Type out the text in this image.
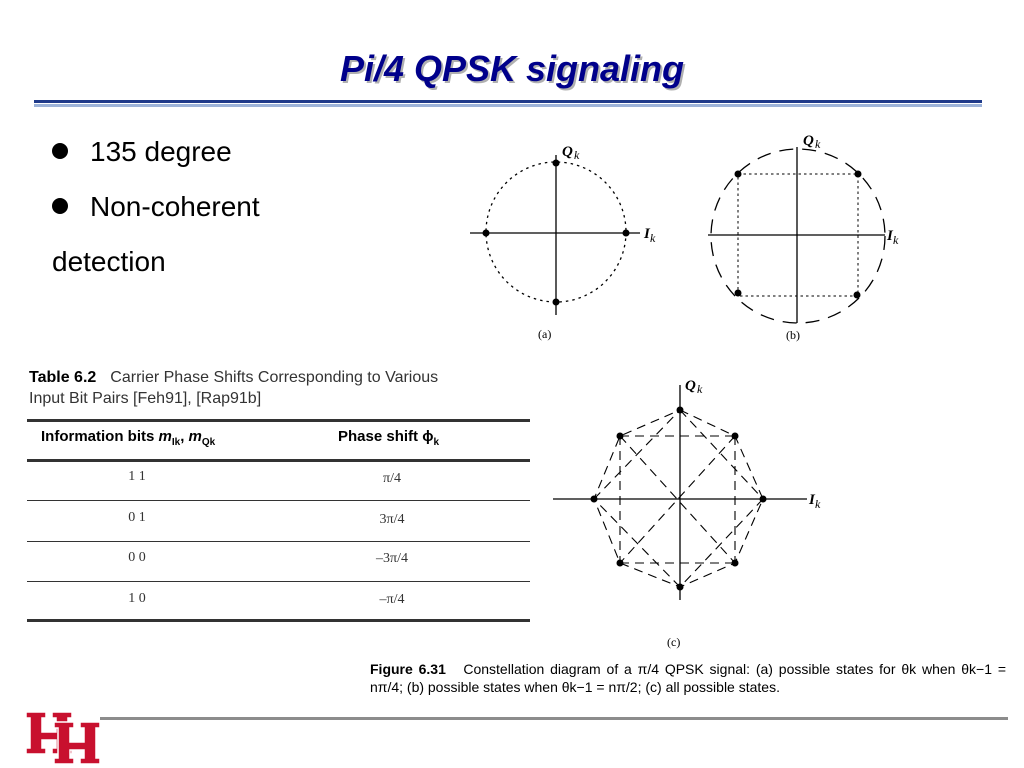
Pi/4 QPSK signaling
135 degree
Non-coherent
detection
Q k
I k
(a)
Q k
I k
(b)
Table 6.2 Carrier Phase Shifts Corresponding to Various
Input Bit Pairs [Feh91], [Rap91b]
Information bits $m_{Ik}$, $m_{Qk}$	Phase shift $\phi_k$
1 1	π/4
0 1	3π/4
0 0	–3π/4
1 0	–π/4
Q k
I k
(c)
Figure 6.31 Constellation diagram of a π/4 QPSK signal: (a) possible states for θk when θk−1 = nπ/4; (b) possible states when θk−1 = nπ/2; (c) all possible states.
